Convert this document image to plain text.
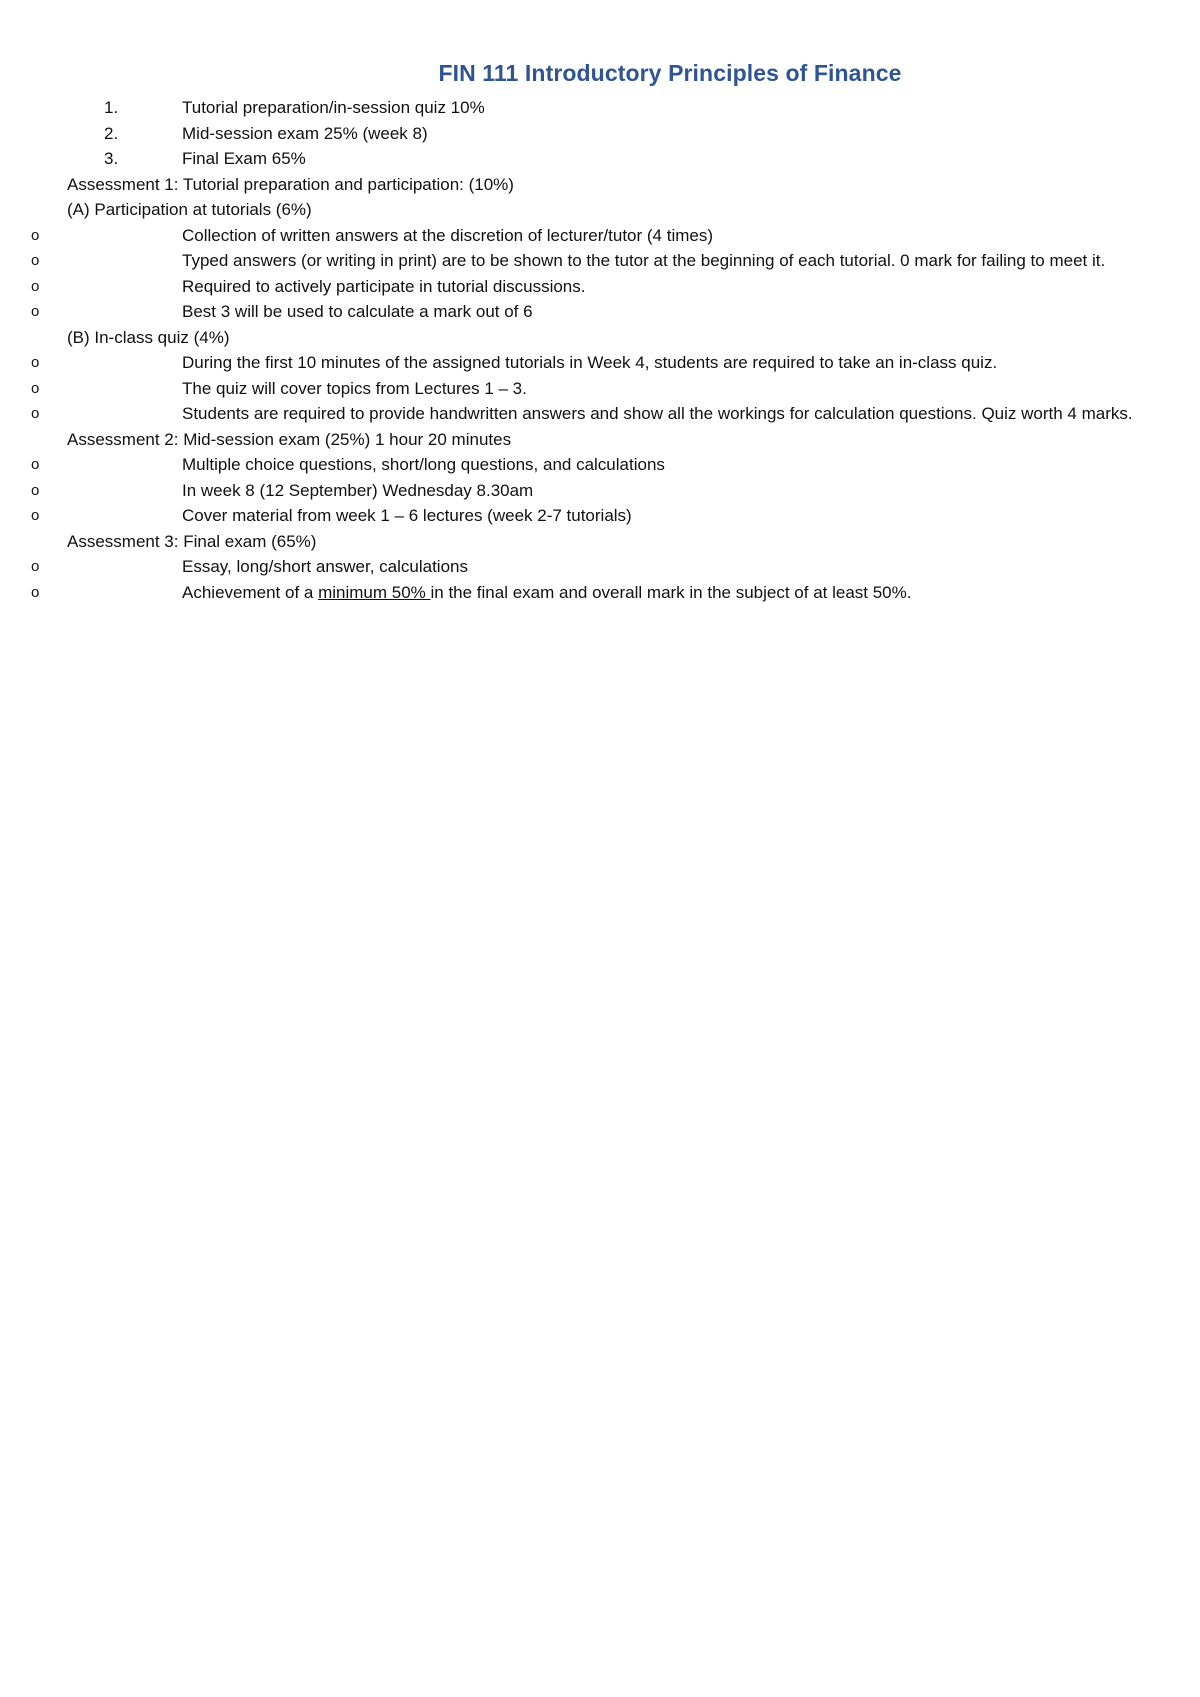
FIN 111 Introductory Principles of Finance
1.	Tutorial preparation/in-session quiz 10%
2.	Mid-session exam 25% (week 8)
3.	Final Exam 65%
Assessment 1: Tutorial preparation and participation: (10%)
(A) Participation at tutorials (6%)
o	Collection of written answers at the discretion of lecturer/tutor (4 times)
o	Typed answers (or writing in print) are to be shown to the tutor at the beginning of each tutorial. 0 mark for failing to meet it.
o	Required to actively participate in tutorial discussions.
o	Best 3 will be used to calculate a mark out of 6
(B) In-class quiz (4%)
o	During the first 10 minutes of the assigned tutorials in Week 4, students are required to take an in-class quiz.
o	The quiz will cover topics from Lectures 1 – 3.
o	Students are required to provide handwritten answers and show all the workings for calculation questions. Quiz worth 4 marks.
Assessment 2: Mid-session exam (25%) 1 hour 20 minutes
o	Multiple choice questions, short/long questions, and calculations
o	In week 8 (12 September) Wednesday 8.30am
o	Cover material from week 1 – 6 lectures (week 2-7 tutorials)
Assessment 3: Final exam (65%)
o	Essay, long/short answer, calculations
o	Achievement of a minimum 50% in the final exam and overall mark in the subject of at least 50%.
